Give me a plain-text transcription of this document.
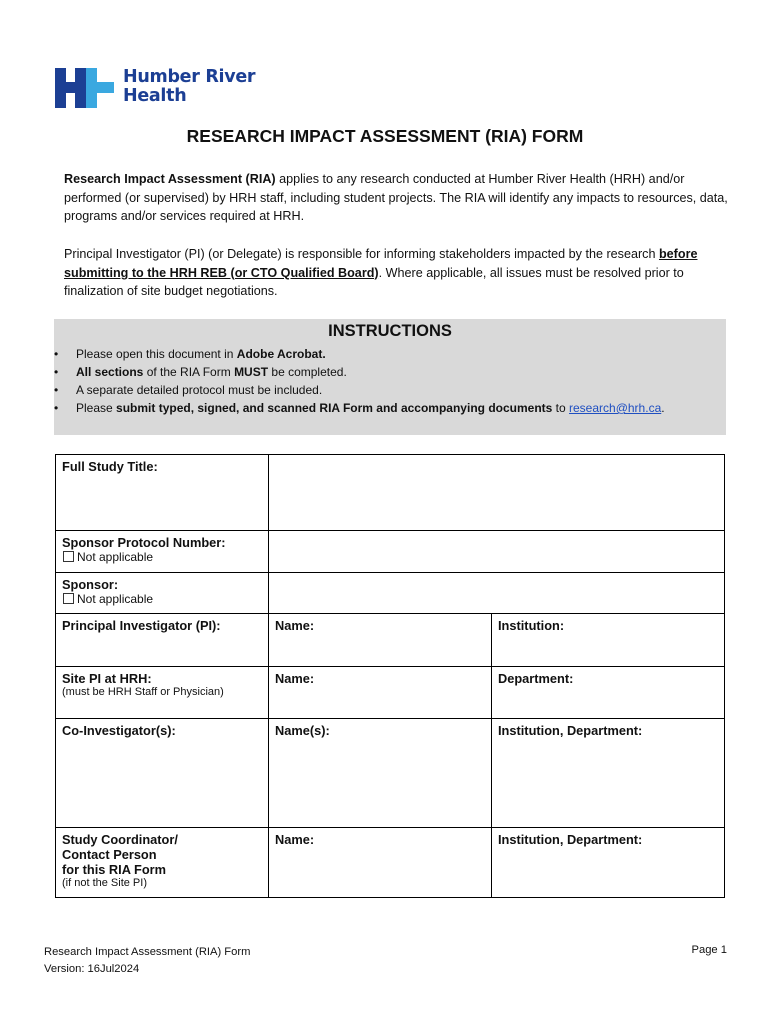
Humber River
Health
RESEARCH IMPACT ASSESSMENT (RIA) FORM
Research Impact Assessment (RIA) applies to any research conducted at Humber River Health (HRH) and/or performed (or supervised) by HRH staff, including student projects. The RIA will identify any impacts to resources, data, programs and/or services required at HRH.
Principal Investigator (PI) (or Delegate) is responsible for informing stakeholders impacted by the research before submitting to the HRH REB (or CTO Qualified Board). Where applicable, all issues must be resolved prior to finalization of site budget negotiations.
INSTRUCTIONS
• Please open this document in Adobe Acrobat.
• All sections of the RIA Form MUST be completed.
• A separate detailed protocol must be included.
• Please submit typed, signed, and scanned RIA Form and accompanying documents to research@hrh.ca.
Full Study Title:		

Sponsor Protocol Number:
Not applicable		

Sponsor:
Not applicable		

Principal Investigator (PI):	Name:	Institution:

Site PI at HRH:
(must be HRH Staff or Physician)	Name:	Department:
Co-Investigator(s):	Name(s):	Institution, Department:

Study Coordinator/
Contact Person
for this RIA Form
(if not the Site PI)	Name:	Institution, Department:
Research Impact Assessment (RIA) Form
Version: 16Jul2024
Page 1
